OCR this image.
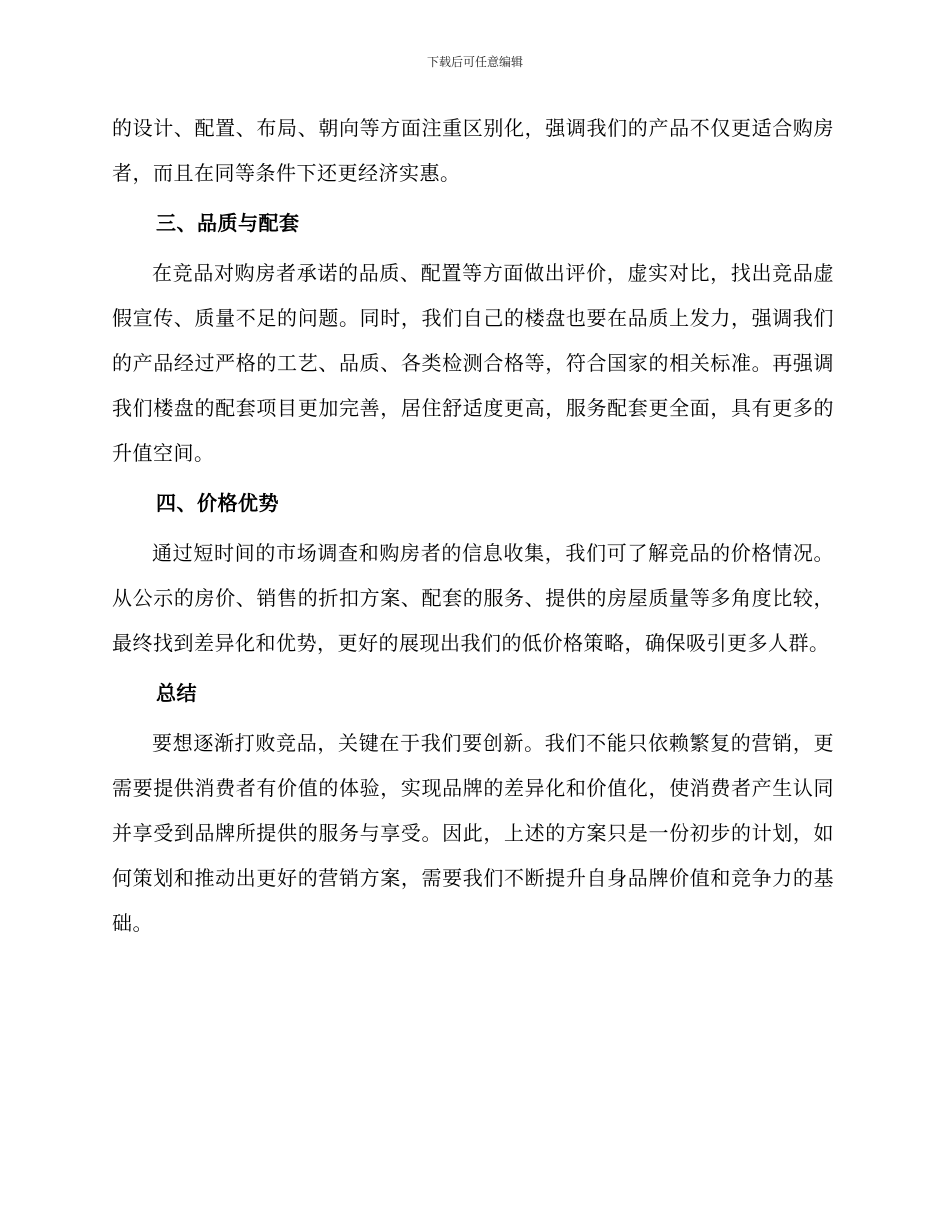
下载后可任意编辑

的设计、配置、布局、朝向等方面注重区别化，强调我们的产品不仅更适合购房者，而且在同等条件下还更经济实惠。

三、品质与配套

在竞品对购房者承诺的品质、配置等方面做出评价，虚实对比，找出竞品虚假宣传、质量不足的问题。同时，我们自己的楼盘也要在品质上发力，强调我们的产品经过严格的工艺、品质、各类检测合格等，符合国家的相关标准。再强调我们楼盘的配套项目更加完善，居住舒适度更高，服务配套更全面，具有更多的升值空间。

四、价格优势

通过短时间的市场调查和购房者的信息收集，我们可了解竞品的价格情况。从公示的房价、销售的折扣方案、配套的服务、提供的房屋质量等多角度比较，最终找到差异化和优势，更好的展现出我们的低价格策略，确保吸引更多人群。

总结

要想逐渐打败竞品，关键在于我们要创新。我们不能只依赖繁复的营销，更需要提供消费者有价值的体验，实现品牌的差异化和价值化，使消费者产生认同并享受到品牌所提供的服务与享受。因此，上述的方案只是一份初步的计划，如何策划和推动出更好的营销方案，需要我们不断提升自身品牌价值和竞争力的基础。
